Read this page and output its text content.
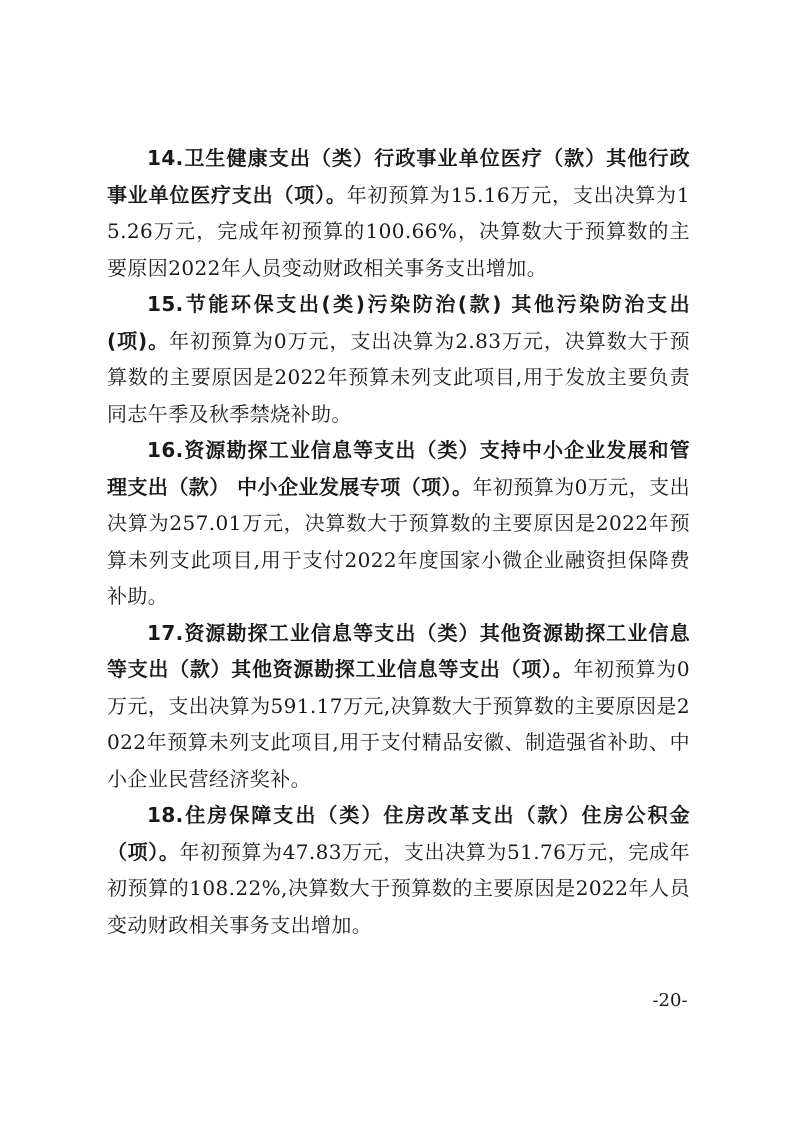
14.卫生健康支出（类）行政事业单位医疗（款）其他行政事业单位医疗支出（项）。年初预算为15.16万元，支出决算为15.26万元，完成年初预算的100.66%，决算数大于预算数的主要原因2022年人员变动财政相关事务支出增加。

15.节能环保支出(类)污染防治(款) 其他污染防治支出(项)。年初预算为0万元，支出决算为2.83万元，决算数大于预算数的主要原因是2022年预算未列支此项目,用于发放主要负责同志午季及秋季禁烧补助。

16.资源勘探工业信息等支出（类）支持中小企业发展和管理支出（款） 中小企业发展专项（项）。年初预算为0万元，支出决算为257.01万元，决算数大于预算数的主要原因是2022年预算未列支此项目,用于支付2022年度国家小微企业融资担保降费补助。

17.资源勘探工业信息等支出（类）其他资源勘探工业信息等支出（款）其他资源勘探工业信息等支出（项）。年初预算为0万元，支出决算为591.17万元,决算数大于预算数的主要原因是2022年预算未列支此项目,用于支付精品安徽、制造强省补助、中小企业民营经济奖补。

18.住房保障支出（类）住房改革支出（款）住房公积金（项）。年初预算为47.83万元，支出决算为51.76万元，完成年初预算的108.22%,决算数大于预算数的主要原因是2022年人员变动财政相关事务支出增加。

-20-
